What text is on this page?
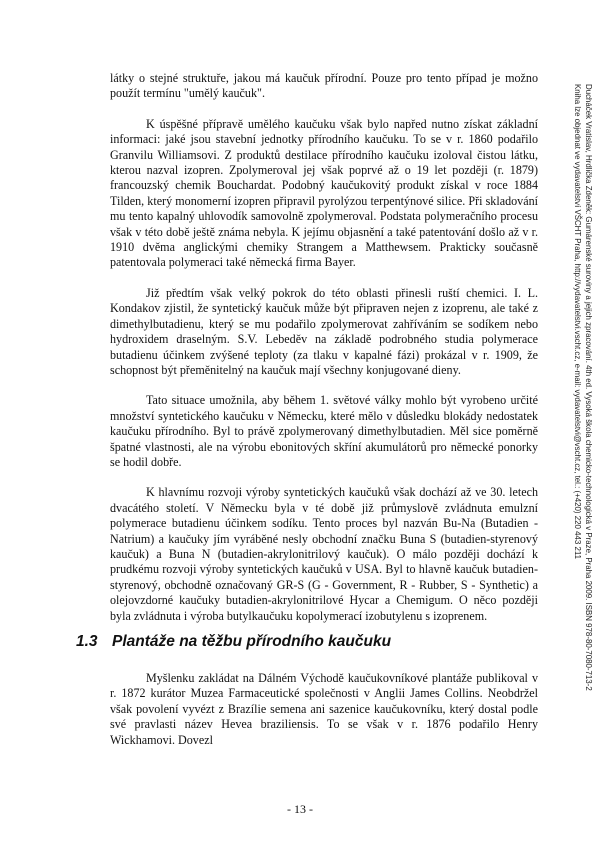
látky o stejné struktuře, jakou má kaučuk přírodní. Pouze pro tento případ je možno použít termínu "umělý kaučuk".

K úspěšné přípravě umělého kaučuku však bylo napřed nutno získat základní informaci: jaké jsou stavební jednotky přírodního kaučuku. To se v r. 1860 podařilo Granvilu Williamsovi. Z produktů destilace přírodního kaučuku izoloval čistou látku, kterou nazval izopren. Zpolymeroval jej však poprvé až o 19 let později (r. 1879) francouzský chemik Bouchardat. Podobný kaučukovitý produkt získal v roce 1884 Tilden, který monomerní izopren připravil pyrolýzou terpentýnové silice. Při skladování mu tento kapalný uhlovodík samovolně zpolymeroval. Podstata polymeračního procesu však v této době ještě známa nebyla. K jejímu objasnění a také patentování došlo až v r. 1910 dvěma anglickými chemiky Strangem a Matthewsem. Prakticky současně patentovala polymeraci také německá firma Bayer.

Již předtím však velký pokrok do této oblasti přinesli ruští chemici. I. L. Kondakov zjistil, že syntetický kaučuk může být připraven nejen z izoprenu, ale také z dimethylbutadienu, který se mu podařilo zpolymerovat zahříváním se sodíkem nebo hydroxidem draselným. S.V. Lebeděv na základě podrobného studia polymerace butadienu účinkem zvýšené teploty (za tlaku v kapalné fázi) prokázal v r. 1909, že schopnost být přeměnitelný na kaučuk mají všechny konjugované dieny.

Tato situace umožnila, aby během 1. světové války mohlo být vyrobeno určité množství syntetického kaučuku v Německu, které mělo v důsledku blokády nedostatek kaučuku přírodního. Byl to právě zpolymerovaný dimethylbutadien. Měl sice poměrně špatné vlastnosti, ale na výrobu ebonitových skříní akumulátorů pro německé ponorky se hodil dobře.

K hlavnímu rozvoji výroby syntetických kaučuků však dochází až ve 30. letech dvacátého století. V Německu byla v té době již průmyslově zvládnuta emulzní polymerace butadienu účinkem sodíku. Tento proces byl nazván Bu-Na (Butadien - Natrium) a kaučuky jím vyráběné nesly obchodní značku Buna S (butadien-styrenový kaučuk) a Buna N (butadien-akrylonitrilový kaučuk). O málo později dochází k prudkému rozvoji výroby syntetických kaučuků v USA. Byl to hlavně kaučuk butadien-styrenový, obchodně označovaný GR-S (G - Government, R - Rubber, S - Synthetic) a olejovzdorné kaučuky butadien-akrylonitrilové Hycar a Chemigum. O něco později byla zvládnuta i výroba butylkaučuku kopolymerací izobutylenu s izoprenem.

1.3 Plantáže na těžbu přírodního kaučuku

Myšlenku zakládat na Dálném Východě kaučukovníkové plantáže publikoval v r. 1872 kurátor Muzea Farmaceutické společnosti v Anglii James Collins. Neobdržel však povolení vyvézt z Brazílie semena ani sazenice kaučukovníku, který dostal podle své pravlasti název Hevea braziliensis. To se však v r. 1876 podařilo Henry Wickhamovi. Dovezl

- 13 -
Ducháček Vratislav, Hrdlička Zdeněk: Gumárenské suroviny a jejich zpracování. 4th ed. Vysoká škola chemicko-technologická v Praze, Praha 2009. ISBN 978-80-7080-713-2
Kniha lze objednat ve vydavatelství VŠCHT Praha, http://vydavatelstvi.vscht.cz, e-mail: vydavatelstvi@vscht.cz, tel.: (+420) 220 443 211
